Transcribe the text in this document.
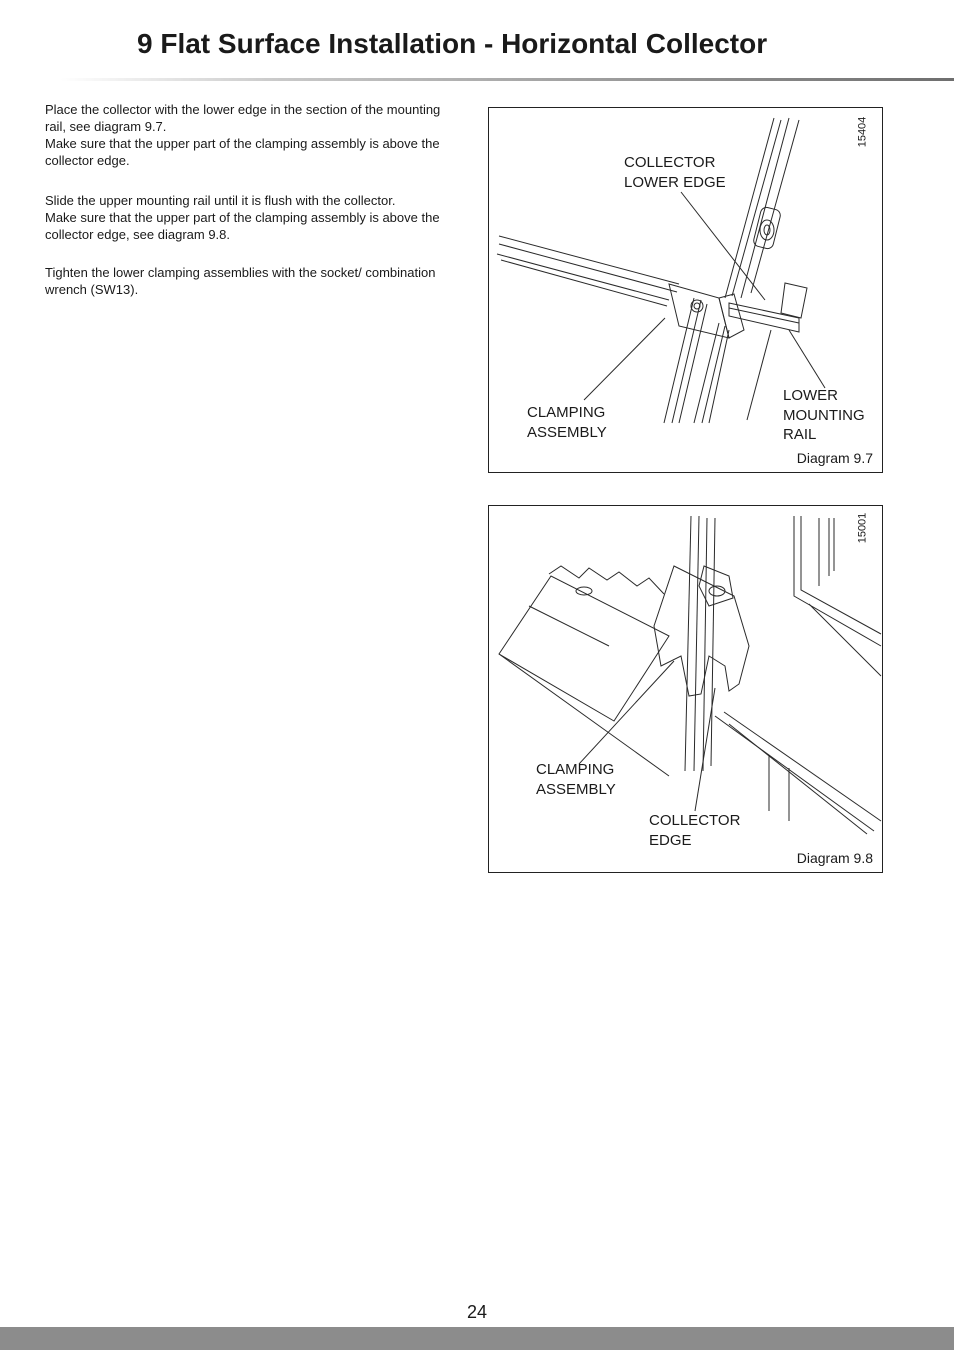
9 Flat Surface Installation - Horizontal Collector

Place the collector with the lower edge in the section of the mounting rail, see diagram 9.7.
Make sure that the upper part of the clamping assembly is above the collector edge.

Slide the upper mounting rail until it is flush with the collector.
Make sure that the upper part of the clamping assembly is above the collector edge, see diagram 9.8.

Tighten the lower clamping assemblies with the socket/ combination wrench (SW13).

15404
COLLECTOR
LOWER EDGE
CLAMPING
ASSEMBLY
LOWER
MOUNTING
RAIL
Diagram 9.7
15001
CLAMPING
ASSEMBLY
COLLECTOR
EDGE
Diagram 9.8
24
